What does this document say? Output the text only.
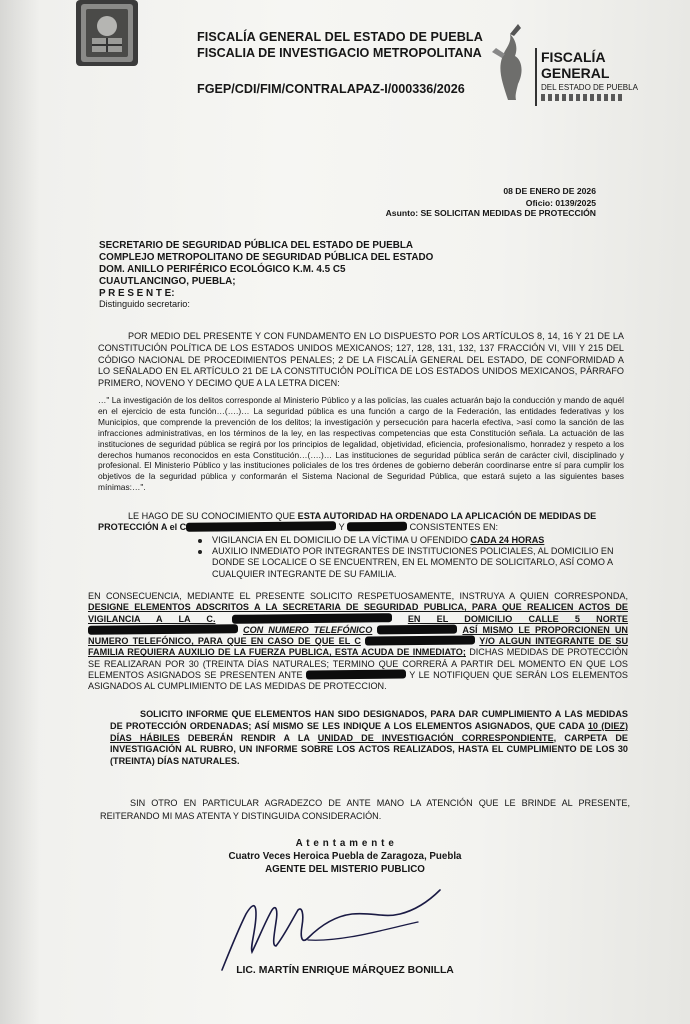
FISCALÍA GENERAL DEL ESTADO DE PUEBLA
FISCALIA DE INVESTIGACIO METROPOLITANA
FGEP/CDI/FIM/CONTRALAPAZ-I/000336/2026
FISCALÍA
GENERAL
DEL ESTADO DE PUEBLA
08 DE ENERO DE 2026
Oficio: 0139/2025
Asunto: SE SOLICITAN MEDIDAS DE PROTECCIÓN
SECRETARIO DE SEGURIDAD PÚBLICA DEL ESTADO DE PUEBLA
COMPLEJO METROPOLITANO DE SEGURIDAD PÚBLICA DEL ESTADO
DOM. ANILLO PERIFÉRICO ECOLÓGICO K.M. 4.5 C5
CUAUTLANCINGO, PUEBLA;
P R E S E N T E:
Distinguido secretario:
POR MEDIO DEL PRESENTE Y CON FUNDAMENTO EN LO DISPUESTO POR LOS ARTÍCULOS 8, 14, 16 Y 21 DE LA CONSTITUCIÓN POLÍTICA DE LOS ESTADOS UNIDOS MEXICANOS; 127, 128, 131, 132, 137 FRACCIÓN VI, VIII Y 215 DEL CÓDIGO NACIONAL DE PROCEDIMIENTOS PENALES; 2 DE LA FISCALÍA GENERAL DEL ESTADO, DE CONFORMIDAD A LO SEÑALADO EN EL ARTÍCULO 21 DE LA CONSTITUCIÓN POLÍTICA DE LOS ESTADOS UNIDOS MEXICANOS, PÁRRAFO PRIMERO, NOVENO Y DECIMO QUE A LA LETRA DICEN:
…" La investigación de los delitos corresponde al Ministerio Público y a las policías, las cuales actuarán bajo la conducción y mando de aquél en el ejercicio de esta función…(….)… La seguridad pública es una función a cargo de la Federación, las entidades federativas y los Municipios, que comprende la prevención de los delitos; la investigación y persecución para hacerla efectiva, >así como la sanción de las infracciones administrativas, en los términos de la ley, en las respectivas competencias que esta Constitución señala. La actuación de las instituciones de seguridad pública se regirá por los principios de legalidad, objetividad, eficiencia, profesionalismo, honradez y respeto a los derechos humanos reconocidos en esta Constitución…(….)… Las instituciones de seguridad pública serán de carácter civil, disciplinado y profesional. El Ministerio Público y las instituciones policiales de los tres órdenes de gobierno deberán coordinarse entre sí para cumplir los objetivos de la seguridad pública y conformarán el Sistema Nacional de Seguridad Pública, que estará sujeto a las siguientes bases mínimas:…".
LE HAGO DE SU CONOCIMIENTO QUE ESTA AUTORIDAD HA ORDENADO LA APLICACIÓN DE MEDIDAS DE PROTECCIÓN A el C	Y	CONSISTENTES EN:
VIGILANCIA EN EL DOMICILIO DE LA VÍCTIMA U OFENDIDO CADA 24 HORAS
AUXILIO INMEDIATO POR INTEGRANTES DE INSTITUCIONES POLICIALES, AL DOMICILIO EN DONDE SE LOCALICE O SE ENCUENTREN, EN EL MOMENTO DE SOLICITARLO, ASÍ COMO A CUALQUIER INTEGRANTE DE SU FAMILIA.
EN CONSECUENCIA, MEDIANTE EL PRESENTE SOLICITO RESPETUOSAMENTE, INSTRUYA A QUIEN CORRESPONDA, DESIGNE ELEMENTOS ADSCRITOS A LA SECRETARIA DE SEGURIDAD PUBLICA, PARA QUE REALICEN ACTOS DE VIGILANCIA A LA C.	EN EL DOMICILIO CALLE 5 NORTE  CON NUMERO TELEFÓNICO	ASÍ MISMO LE PROPORCIONEN UN NUMERO TELEFÓNICO, PARA QUE EN CASO DE QUE EL C	Y/O ALGUN INTEGRANTE DE SU FAMILIA REQUIERA AUXILIO DE LA FUERZA PUBLICA, ESTA ACUDA DE INMEDIATO; DICHAS MEDIDAS DE PROTECCIÓN SE REALIZARAN POR 30 (TREINTA DÍAS NATURALES; TERMINO QUE CORRERÁ A PARTIR DEL MOMENTO EN QUE LOS ELEMENTOS ASIGNADOS SE PRESENTEN ANTE	Y LE NOTIFIQUEN QUE SERÁN LOS ELEMENTOS ASIGNADOS AL CUMPLIMIENTO DE LAS MEDIDAS DE PROTECCION.
SOLICITO INFORME QUE ELEMENTOS HAN SIDO DESIGNADOS, PARA DAR CUMPLIMIENTO A LAS MEDIDAS DE PROTECCIÓN ORDENADAS; ASÍ MISMO SE LES INDIQUE A LOS ELEMENTOS ASIGNADOS, QUE CADA 10 (DIEZ) DÍAS HÁBILES DEBERÁN RENDIR A LA UNIDAD DE INVESTIGACIÓN CORRESPONDIENTE, CARPETA DE INVESTIGACIÓN AL RUBRO, UN INFORME SOBRE LOS ACTOS REALIZADOS, HASTA EL CUMPLIMIENTO DE LOS 30 (TREINTA) DÍAS NATURALES.
SIN OTRO EN PARTICULAR AGRADEZCO DE ANTE MANO LA ATENCIÓN QUE LE BRINDE AL PRESENTE, REITERANDO MI MAS ATENTA Y DISTINGUIDA CONSIDERACIÓN.
A t e n t a m e n t e
Cuatro Veces Heroica Puebla de Zaragoza, Puebla
AGENTE DEL MISTERIO PUBLICO
LIC. MARTÍN ENRIQUE MÁRQUEZ BONILLA
